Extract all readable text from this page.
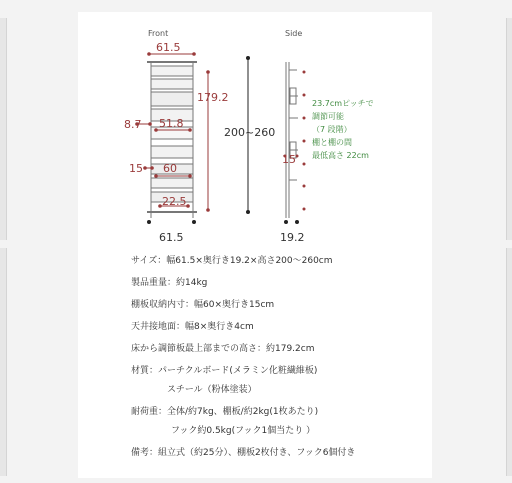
Front	Side
61.5
179.2
8.7 51.8
200~260
15 60
22.5
61.5	19.2
15
23.7cmピッチで
調節可能
（7 段階）
棚と棚の間
最低高さ 22cm
サイズ：幅61.5×奥行き19.2×高さ200～260cm
製品重量：約14kg
棚板収納内寸：幅60×奥行き15cm
天井接地面：幅8×奥行き4cm
床から調節板最上部までの高さ：約179.2cm
材質：パーチクルボード(メラミン化粧繊維板)
スチール（粉体塗装）
耐荷重：全体/約7kg、棚板/約2kg(1枚あたり)
フック約0.5kg(フック1個当たり ）
備考：組立式（約25分）、棚板2枚付き、フック6個付き
